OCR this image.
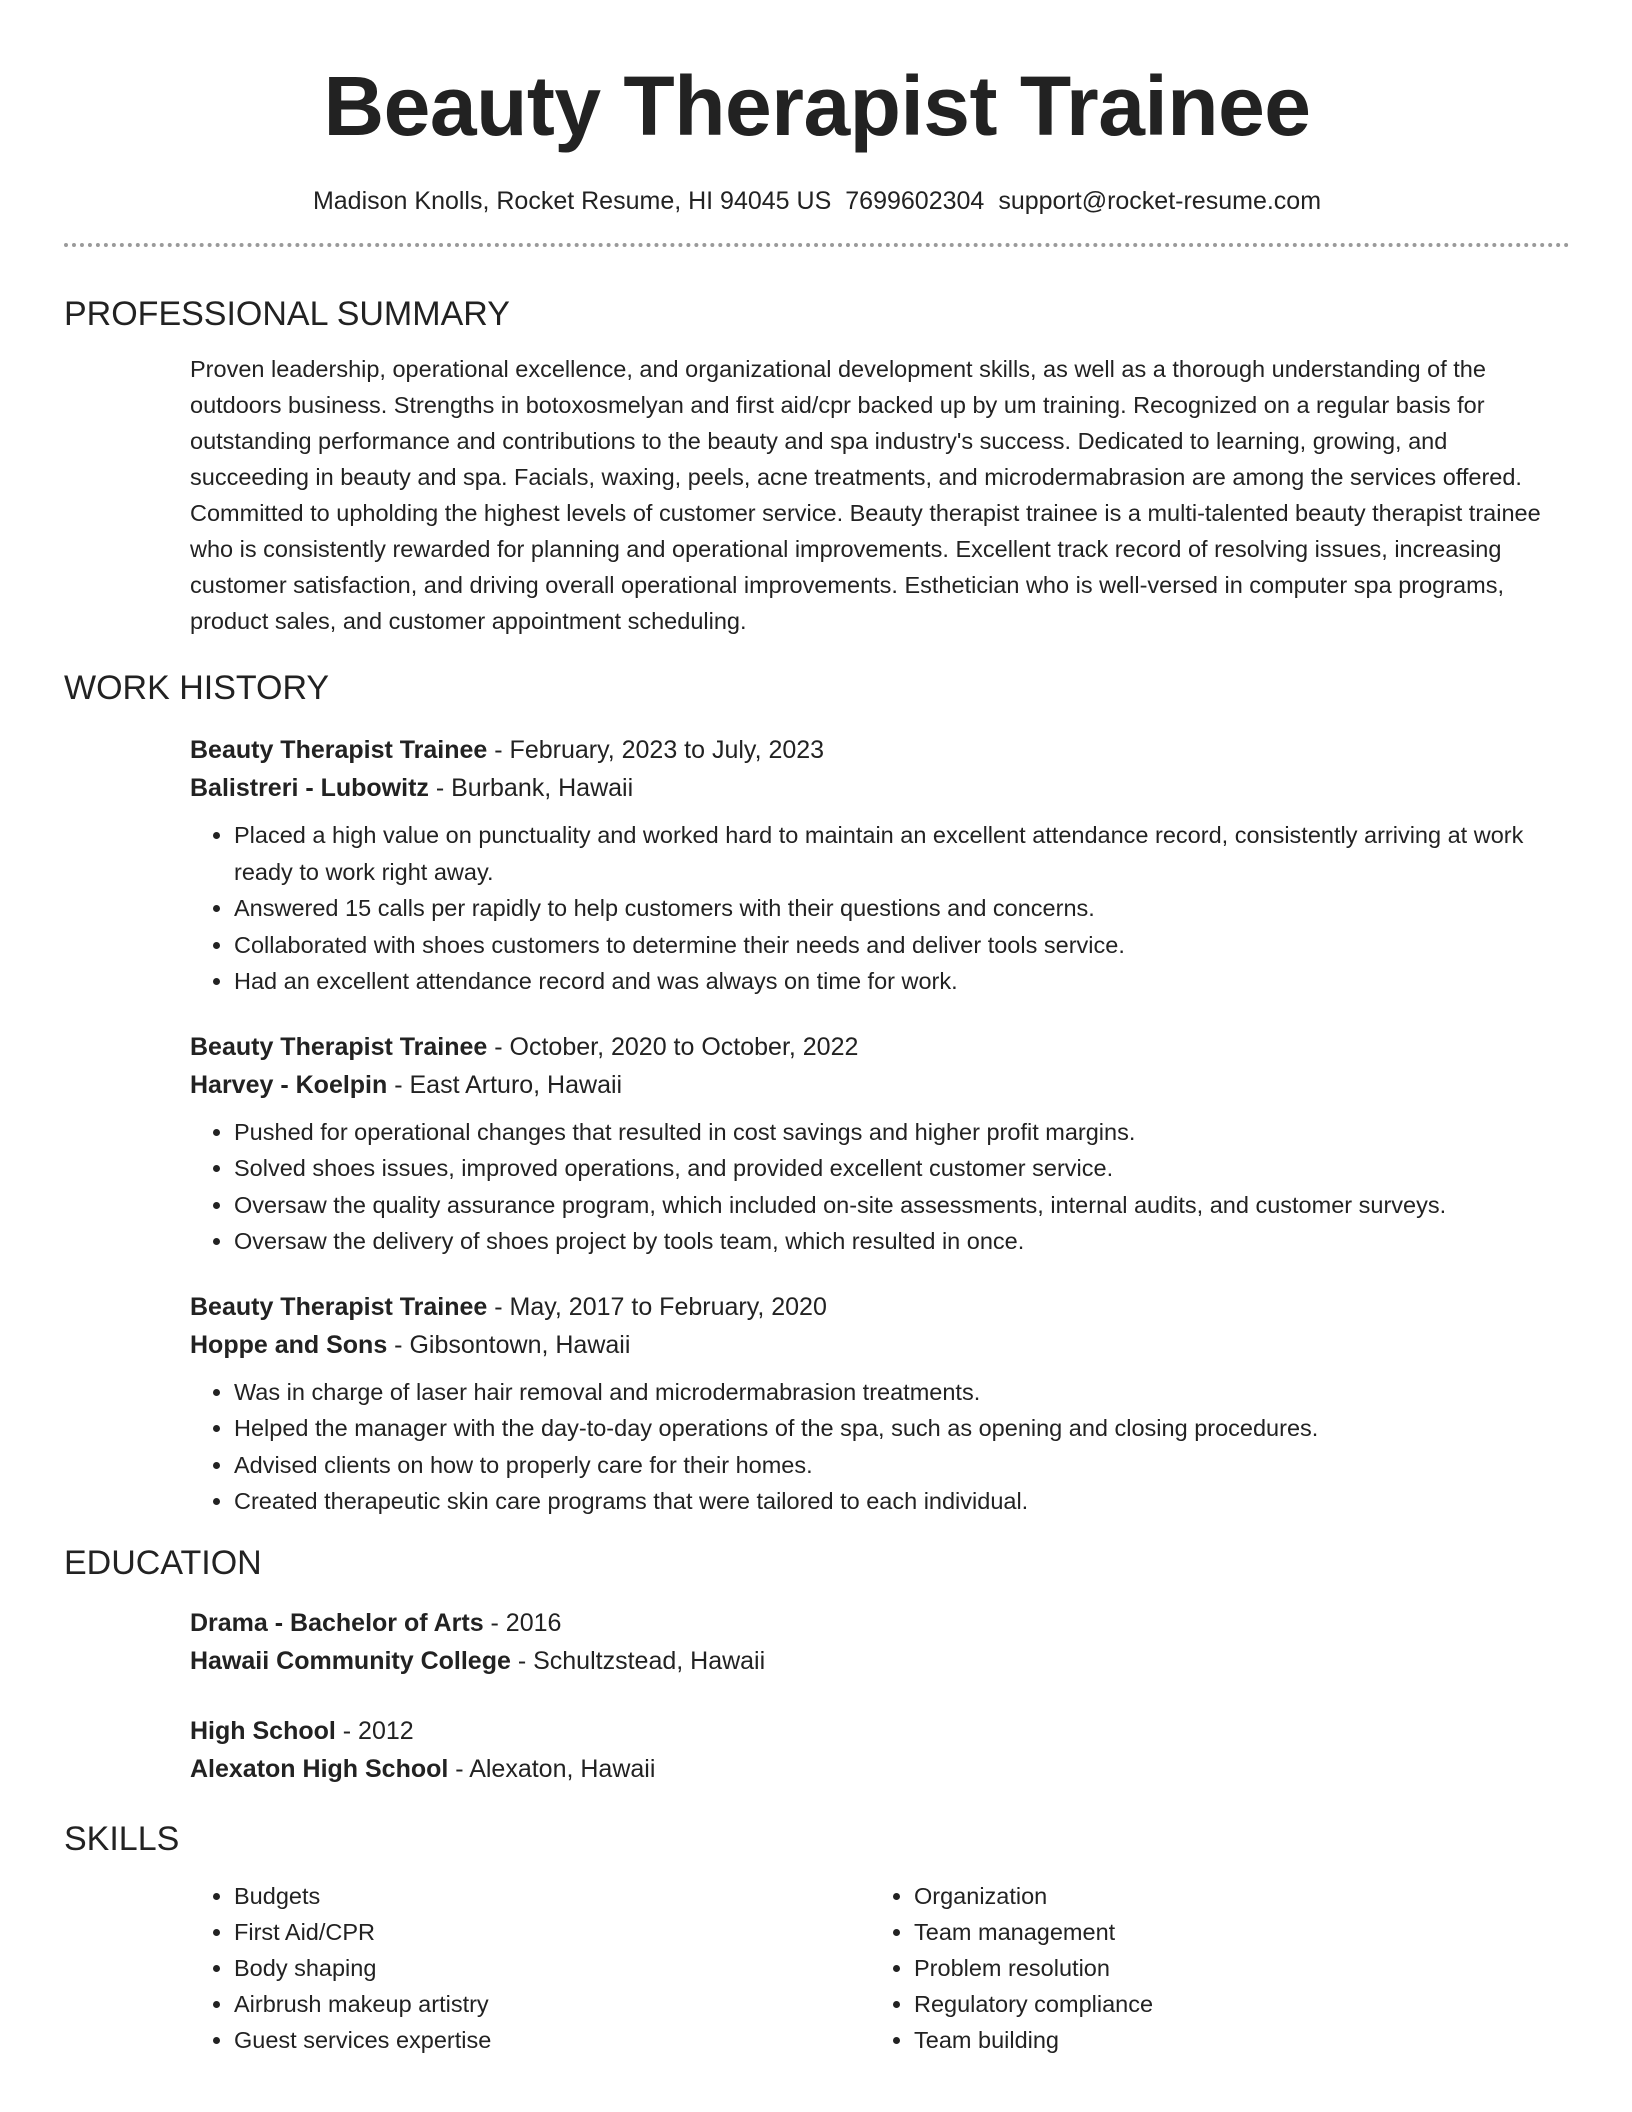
Beauty Therapist Trainee
Madison Knolls, Rocket Resume, HI 94045 US 7699602304 support@rocket-resume.com
PROFESSIONAL SUMMARY
Proven leadership, operational excellence, and organizational development skills, as well as a thorough understanding of the outdoors business. Strengths in botoxosmelyan and first aid/cpr backed up by um training. Recognized on a regular basis for outstanding performance and contributions to the beauty and spa industry's success. Dedicated to learning, growing, and succeeding in beauty and spa. Facials, waxing, peels, acne treatments, and microdermabrasion are among the services offered. Committed to upholding the highest levels of customer service. Beauty therapist trainee is a multi-talented beauty therapist trainee who is consistently rewarded for planning and operational improvements. Excellent track record of resolving issues, increasing customer satisfaction, and driving overall operational improvements. Esthetician who is well-versed in computer spa programs, product sales, and customer appointment scheduling.
WORK HISTORY
Beauty Therapist Trainee - February, 2023 to July, 2023
Balistreri - Lubowitz - Burbank, Hawaii
• Placed a high value on punctuality and worked hard to maintain an excellent attendance record, consistently arriving at work ready to work right away.
• Answered 15 calls per rapidly to help customers with their questions and concerns.
• Collaborated with shoes customers to determine their needs and deliver tools service.
• Had an excellent attendance record and was always on time for work.
Beauty Therapist Trainee - October, 2020 to October, 2022
Harvey - Koelpin - East Arturo, Hawaii
• Pushed for operational changes that resulted in cost savings and higher profit margins.
• Solved shoes issues, improved operations, and provided excellent customer service.
• Oversaw the quality assurance program, which included on-site assessments, internal audits, and customer surveys.
• Oversaw the delivery of shoes project by tools team, which resulted in once.
Beauty Therapist Trainee - May, 2017 to February, 2020
Hoppe and Sons - Gibsontown, Hawaii
• Was in charge of laser hair removal and microdermabrasion treatments.
• Helped the manager with the day-to-day operations of the spa, such as opening and closing procedures.
• Advised clients on how to properly care for their homes.
• Created therapeutic skin care programs that were tailored to each individual.
EDUCATION
Drama - Bachelor of Arts - 2016
Hawaii Community College - Schultzstead, Hawaii
High School - 2012
Alexaton High School - Alexaton, Hawaii
SKILLS
• Budgets
• First Aid/CPR
• Body shaping
• Airbrush makeup artistry
• Guest services expertise
• Organization
• Team management
• Problem resolution
• Regulatory compliance
• Team building
